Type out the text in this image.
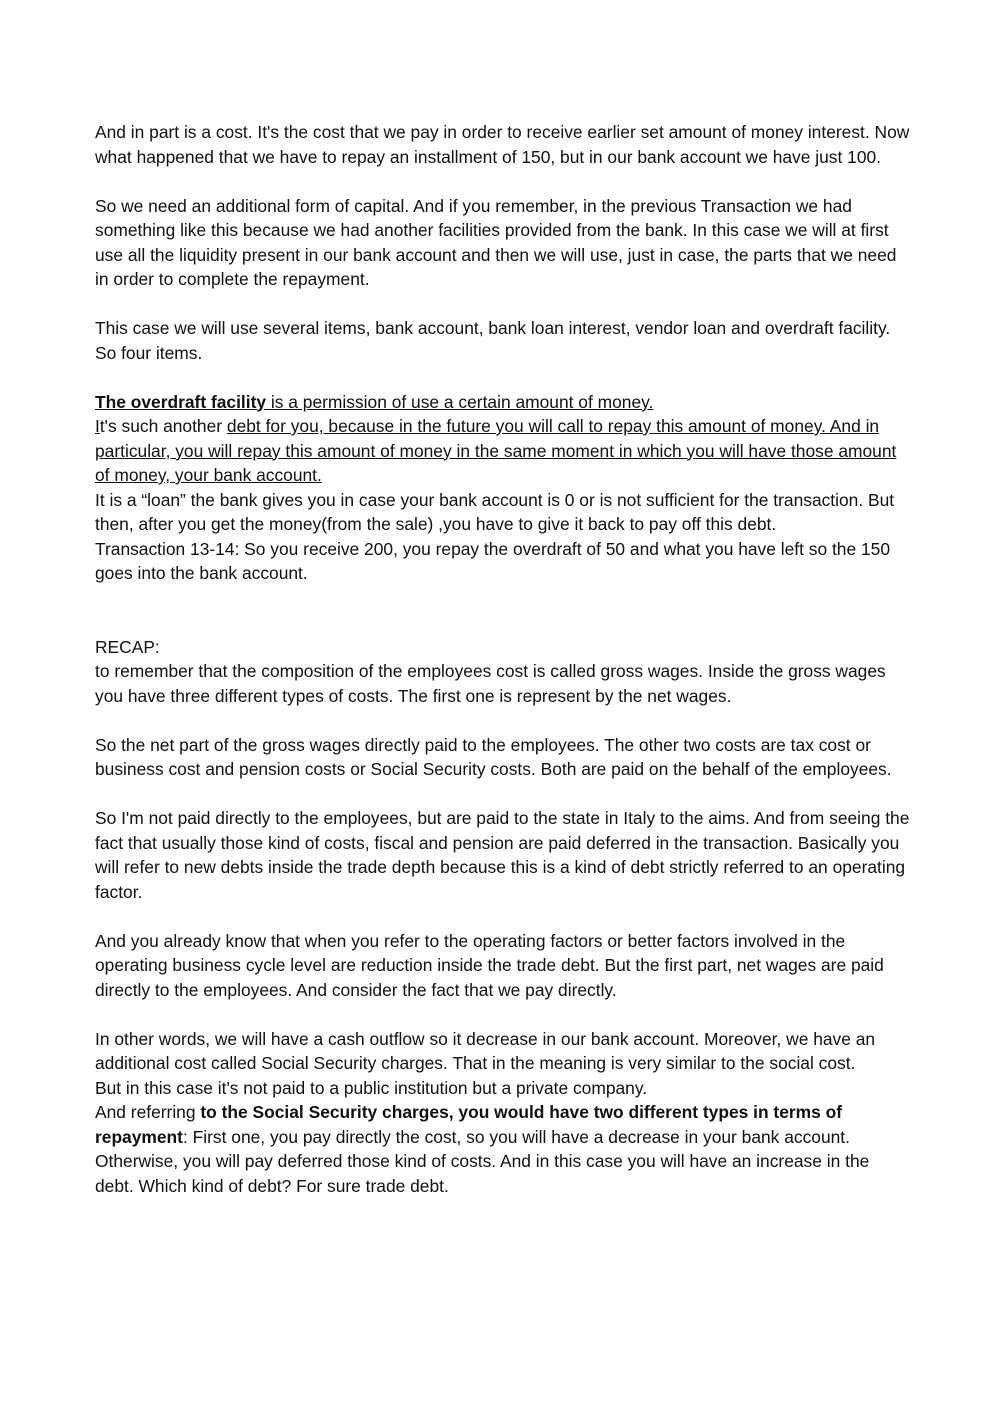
And in part is a cost. It's the cost that we pay in order to receive earlier set amount of money interest. Now what happened that we have to repay an installment of 150, but in our bank account we have just 100.

So we need an additional form of capital. And if you remember, in the previous Transaction we had something like this because we had another facilities provided from the bank. In this case we will at first use all the liquidity present in our bank account and then we will use, just in case, the parts that we need in order to complete the repayment.

This case we will use several items, bank account, bank loan interest, vendor loan and overdraft facility. So four items.

The overdraft facility is a permission of use a certain amount of money.

It's such another debt for you, because in the future you will call to repay this amount of money. And in particular, you will repay this amount of money in the same moment in which you will have those amount of money, your bank account.

It is a “loan” the bank gives you in case your bank account is 0 or is not sufficient for the transaction. But then, after you get the money(from the sale) ,you have to give it back to pay off this debt.

Transaction 13-14: So you receive 200, you repay the overdraft of 50 and what you have left so the 150 goes into the bank account.

RECAP:

to remember that the composition of the employees cost is called gross wages. Inside the gross wages you have three different types of costs. The first one is represent by the net wages.

So the net part of the gross wages directly paid to the employees. The other two costs are tax cost or business cost and pension costs or Social Security costs. Both are paid on the behalf of the employees.

So I'm not paid directly to the employees, but are paid to the state in Italy to the aims. And from seeing the fact that usually those kind of costs, fiscal and pension are paid deferred in the transaction. Basically you will refer to new debts inside the trade depth because this is a kind of debt strictly referred to an operating factor.

And you already know that when you refer to the operating factors or better factors involved in the operating business cycle level are reduction inside the trade debt. But the first part, net wages are paid directly to the employees. And consider the fact that we pay directly.

In other words, we will have a cash outflow so it decrease in our bank account. Moreover, we have an additional cost called Social Security charges. That in the meaning is very similar to the social cost.

But in this case it's not paid to a public institution but a private company.

And referring to the Social Security charges, you would have two different types in terms of repayment: First one, you pay directly the cost, so you will have a decrease in your bank account. Otherwise, you will pay deferred those kind of costs. And in this case you will have an increase in the debt. Which kind of debt? For sure trade debt.
